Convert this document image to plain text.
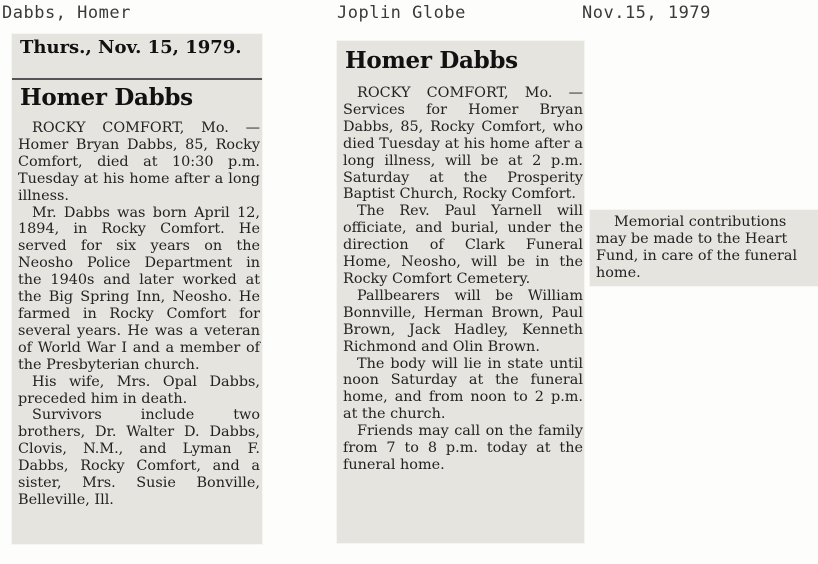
Dabbs, Homer	Joplin Globe	Nov.15, 1979
Thurs., Nov. 15, 1979.
Homer Dabbs

ROCKY COMFORT, Mo. — Homer Bryan Dabbs, 85, Rocky Comfort, died at 10:30 p.m. Tuesday at his home after a long illness.

Mr. Dabbs was born April 12, 1894, in Rocky Comfort. He served for six years on the Neosho Police Department in the 1940s and later worked at the Big Spring Inn, Neosho. He farmed in Rocky Comfort for several years. He was a veteran of World War I and a member of the Presbyterian church.

His wife, Mrs. Opal Dabbs, preceded him in death.

Survivors include two brothers, Dr. Walter D. Dabbs, Clovis, N.M., and Lyman F. Dabbs, Rocky Comfort, and a sister, Mrs. Susie Bonville, Belleville, Ill.

Homer Dabbs

ROCKY COMFORT, Mo. — Services for Homer Bryan Dabbs, 85, Rocky Comfort, who died Tuesday at his home after a long illness, will be at 2 p.m. Saturday at the Prosperity Baptist Church, Rocky Comfort.

The Rev. Paul Yarnell will officiate, and burial, under the direction of Clark Funeral Home, Neosho, will be in the Rocky Comfort Cemetery.

Pallbearers will be William Bonnville, Herman Brown, Paul Brown, Jack Hadley, Kenneth Richmond and Olin Brown.

The body will lie in state until noon Saturday at the funeral home, and from noon to 2 p.m. at the church.

Friends may call on the family from 7 to 8 p.m. today at the funeral home.

Memorial contributions

may be made to the Heart

Fund, in care of the funeral

home.
